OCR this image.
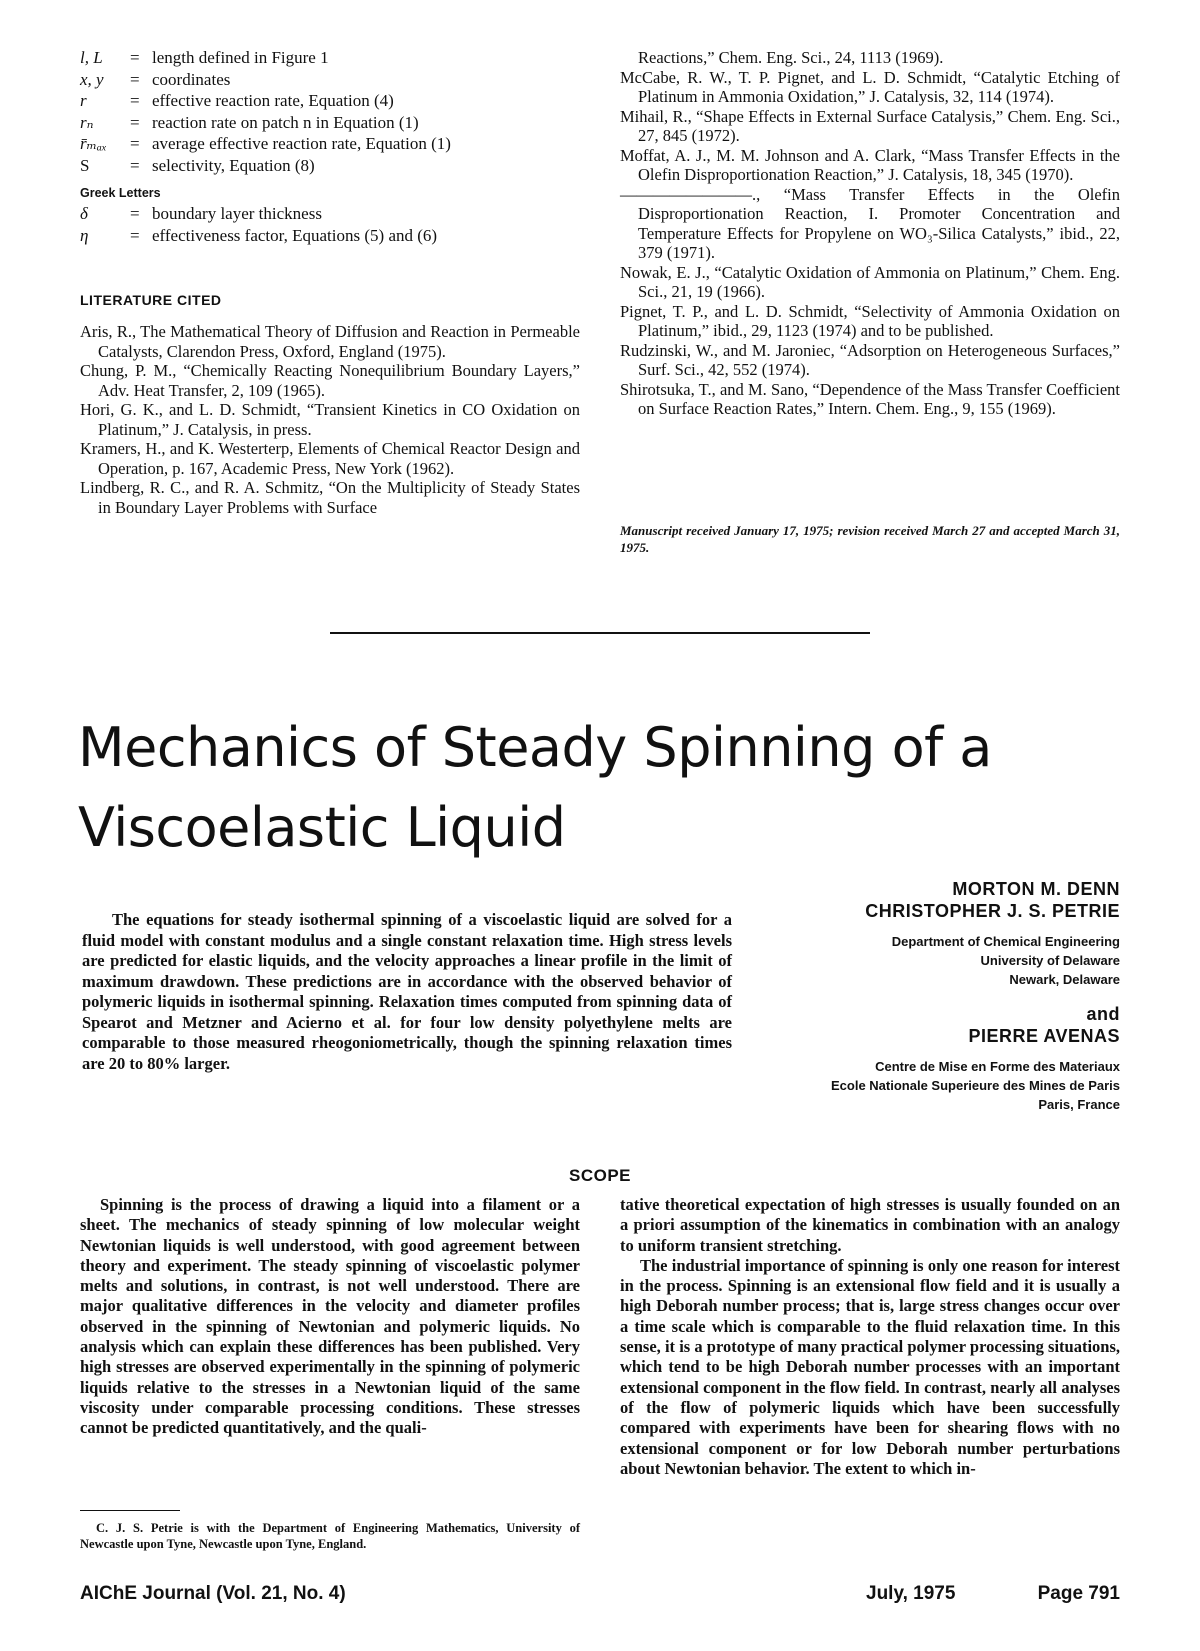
l, L	= length defined in Figure 1
x, y	= coordinates
r	= effective reaction rate, Equation (4)
rₙ	= reaction rate on patch n in Equation (1)
r̄ₘₐₓ	= average effective reaction rate, Equation (1)
S	= selectivity, Equation (8)
Greek Letters
δ	= boundary layer thickness
η	= effectiveness factor, Equations (5) and (6)
LITERATURE CITED

Aris, R., The Mathematical Theory of Diffusion and Reaction in Permeable Catalysts, Clarendon Press, Oxford, England (1975).

Chung, P. M., “Chemically Reacting Nonequilibrium Boundary Layers,” Adv. Heat Transfer, 2, 109 (1965).

Hori, G. K., and L. D. Schmidt, “Transient Kinetics in CO Oxidation on Platinum,” J. Catalysis, in press.

Kramers, H., and K. Westerterp, Elements of Chemical Reactor Design and Operation, p. 167, Academic Press, New York (1962).

Lindberg, R. C., and R. A. Schmitz, “On the Multiplicity of Steady States in Boundary Layer Problems with Surface

Reactions,” Chem. Eng. Sci., 24, 1113 (1969).

McCabe, R. W., T. P. Pignet, and L. D. Schmidt, “Catalytic Etching of Platinum in Ammonia Oxidation,” J. Catalysis, 32, 114 (1974).

Mihail, R., “Shape Effects in External Surface Catalysis,” Chem. Eng. Sci., 27, 845 (1972).

Moffat, A. J., M. M. Johnson and A. Clark, “Mass Transfer Effects in the Olefin Disproportionation Reaction,” J. Catalysis, 18, 345 (1970).

————————., “Mass Transfer Effects in the Olefin Disproportionation Reaction, I. Promoter Concentration and Temperature Effects for Propylene on WO₃-Silica Catalysts,” ibid., 22, 379 (1971).

Nowak, E. J., “Catalytic Oxidation of Ammonia on Platinum,” Chem. Eng. Sci., 21, 19 (1966).

Pignet, T. P., and L. D. Schmidt, “Selectivity of Ammonia Oxidation on Platinum,” ibid., 29, 1123 (1974) and to be published.

Rudzinski, W., and M. Jaroniec, “Adsorption on Heterogeneous Surfaces,” Surf. Sci., 42, 552 (1974).

Shirotsuka, T., and M. Sano, “Dependence of the Mass Transfer Coefficient on Surface Reaction Rates,” Intern. Chem. Eng., 9, 155 (1969).

Manuscript received January 17, 1975; revision received March 27 and accepted March 31, 1975.
Mechanics of Steady Spinning of a
Viscoelastic Liquid
The equations for steady isothermal spinning of a viscoelastic liquid are solved for a fluid model with constant modulus and a single constant relaxation time. High stress levels are predicted for elastic liquids, and the velocity approaches a linear profile in the limit of maximum drawdown. These predictions are in accordance with the observed behavior of polymeric liquids in isothermal spinning. Relaxation times computed from spinning data of Spearot and Metzner and Acierno et al. for four low density polyethylene melts are comparable to those measured rheogoniometrically, though the spinning relaxation times are 20 to 80% larger.
MORTON M. DENN
CHRISTOPHER J. S. PETRIE
Department of Chemical Engineering
University of Delaware
Newark, Delaware
and
PIERRE AVENAS
Centre de Mise en Forme des Materiaux
Ecole Nationale Superieure des Mines de Paris
Paris, France
SCOPE

Spinning is the process of drawing a liquid into a filament or a sheet. The mechanics of steady spinning of low molecular weight Newtonian liquids is well understood, with good agreement between theory and experiment. The steady spinning of viscoelastic polymer melts and solutions, in contrast, is not well understood. There are major qualitative differences in the velocity and diameter profiles observed in the spinning of Newtonian and polymeric liquids. No analysis which can explain these differences has been published. Very high stresses are observed experimentally in the spinning of polymeric liquids relative to the stresses in a Newtonian liquid of the same viscosity under comparable processing conditions. These stresses cannot be predicted quantitatively, and the quali-

tative theoretical expectation of high stresses is usually founded on an a priori assumption of the kinematics in combination with an analogy to uniform transient stretching.

The industrial importance of spinning is only one reason for interest in the process. Spinning is an extensional flow field and it is usually a high Deborah number process; that is, large stress changes occur over a time scale which is comparable to the fluid relaxation time. In this sense, it is a prototype of many practical polymer processing situations, which tend to be high Deborah number processes with an important extensional component in the flow field. In contrast, nearly all analyses of the flow of polymeric liquids which have been successfully compared with experiments have been for shearing flows with no extensional component or for low Deborah number perturbations about Newtonian behavior. The extent to which in-

C. J. S. Petrie is with the Department of Engineering Mathematics, University of Newcastle upon Tyne, Newcastle upon Tyne, England.
AIChE Journal (Vol. 21, No. 4)	July, 1975	Page 791
